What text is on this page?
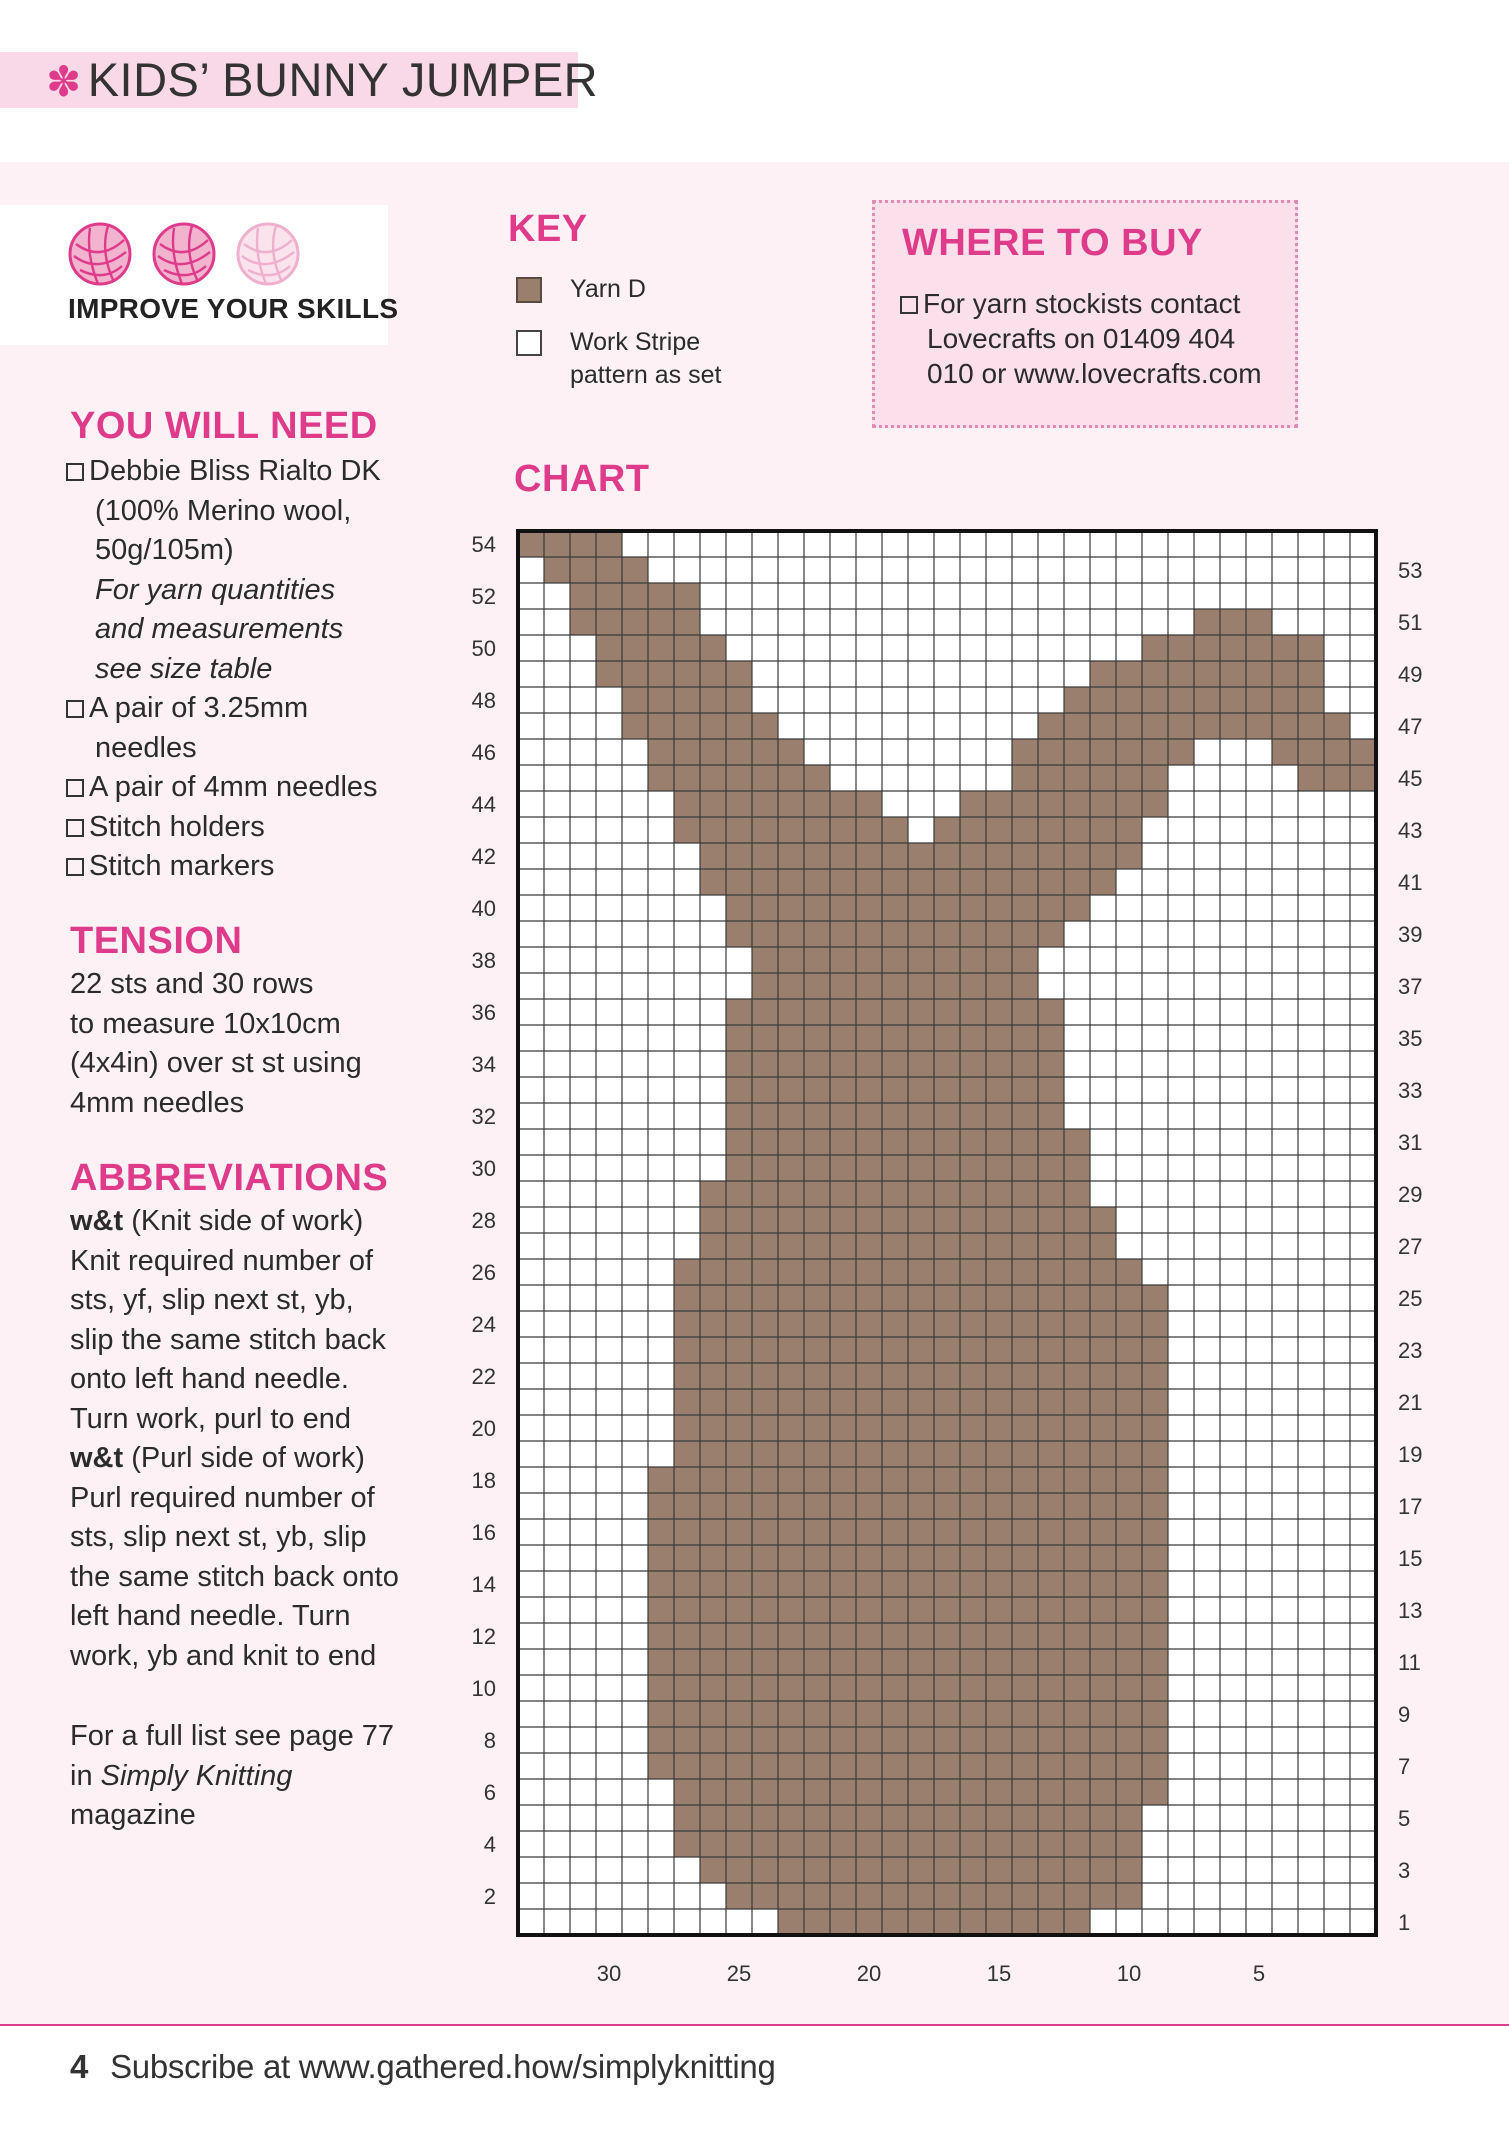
✽ KIDS’ BUNNY JUMPER
IMPROVE YOUR SKILLS
YOU WILL NEED
Debbie Bliss Rialto DK
(100% Merino wool,
50g/105m)
For yarn quantities
and measurements
see size table
A pair of 3.25mm
needles
A pair of 4mm needles
Stitch holders
Stitch markers
TENSION
22 sts and 30 rows
to measure 10x10cm
(4x4in) over st st using
4mm needles
ABBREVIATIONS
w&t (Knit side of work)
Knit required number of
sts, yf, slip next st, yb,
slip the same stitch back
onto left hand needle.
Turn work, purl to end
w&t (Purl side of work)
Purl required number of
sts, slip next st, yb, slip
the same stitch back onto
left hand needle. Turn
work, yb and knit to end
For a full list see page 77
in Simply Knitting
magazine
KEY
Yarn D
Work Stripe
pattern as set
WHERE TO BUY
For yarn stockists contact
Lovecrafts on 01409 404
010 or www.lovecrafts.com
CHART
54
52
50
48
46
44
42
40
38
36
34
32
30
28
26
24
22
20
18
16
14
12
10
8
6
4
2
53
51
49
47
45
43
41
39
37
35
33
31
29
27
25
23
21
19
17
15
13
11
9
7
5
3
1
30	25	20	15	10	5
4 Subscribe at www.gathered.how/simplyknitting
